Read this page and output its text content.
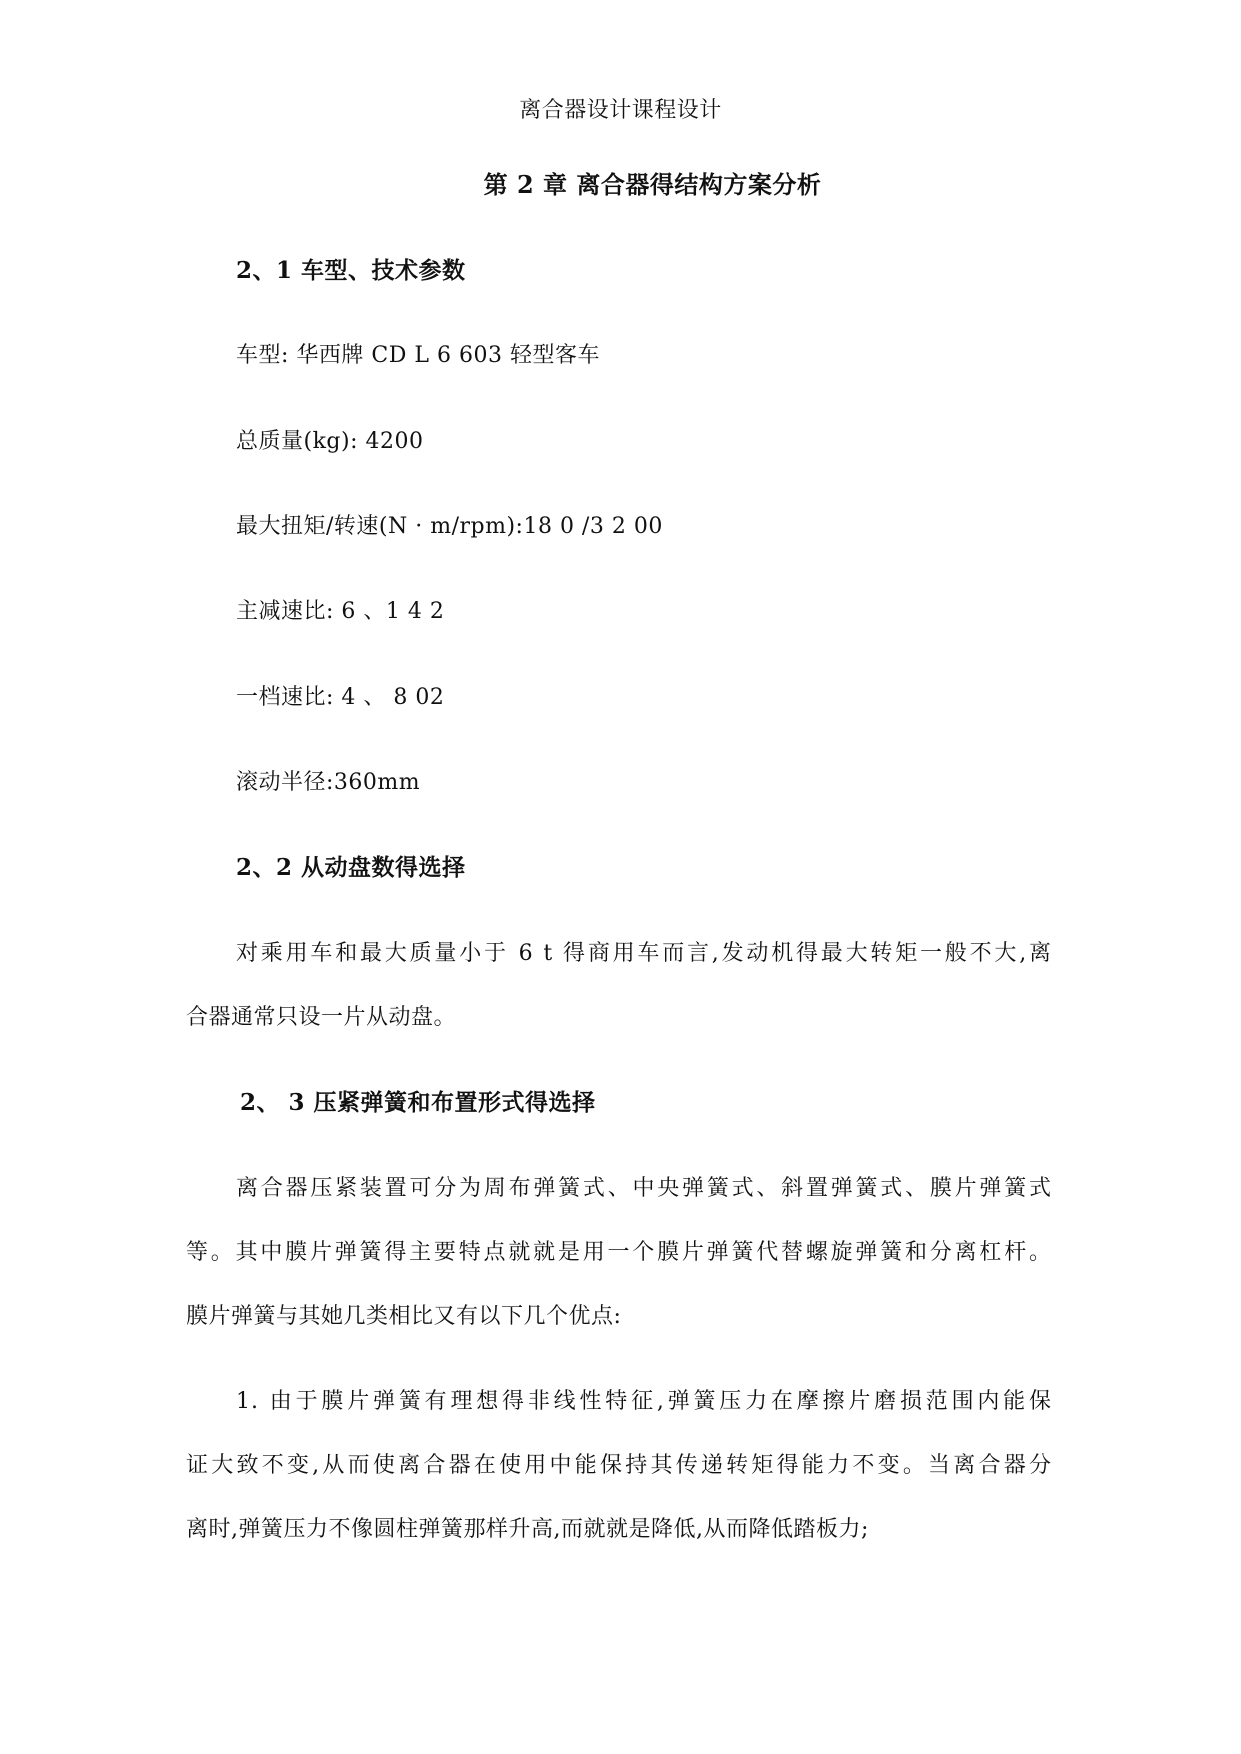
离合器设计课程设计
第 2 章 离合器得结构方案分析
2、1 车型、技术参数
车型: 华西牌 CD L 6 603 轻型客车
总质量(kg): 4200
最大扭矩/转速(N · m/rpm):18 0 /3 2 00
主减速比: 6 、1 4 2
一档速比: 4 、 8 02
滚动半径:360mm
2、2 从动盘数得选择
对乘用车和最大质量小于 6 t 得商用车而言,发动机得最大转矩一般不大,离
合器通常只设一片从动盘。
2、 3 压紧弹簧和布置形式得选择
离合器压紧装置可分为周布弹簧式、中央弹簧式、斜置弹簧式、膜片弹簧式
等。其中膜片弹簧得主要特点就就是用一个膜片弹簧代替螺旋弹簧和分离杠杆。
膜片弹簧与其她几类相比又有以下几个优点:
1. 由于膜片弹簧有理想得非线性特征,弹簧压力在摩擦片磨损范围内能保
证大致不变,从而使离合器在使用中能保持其传递转矩得能力不变。当离合器分
离时,弹簧压力不像圆柱弹簧那样升高,而就就是降低,从而降低踏板力;
